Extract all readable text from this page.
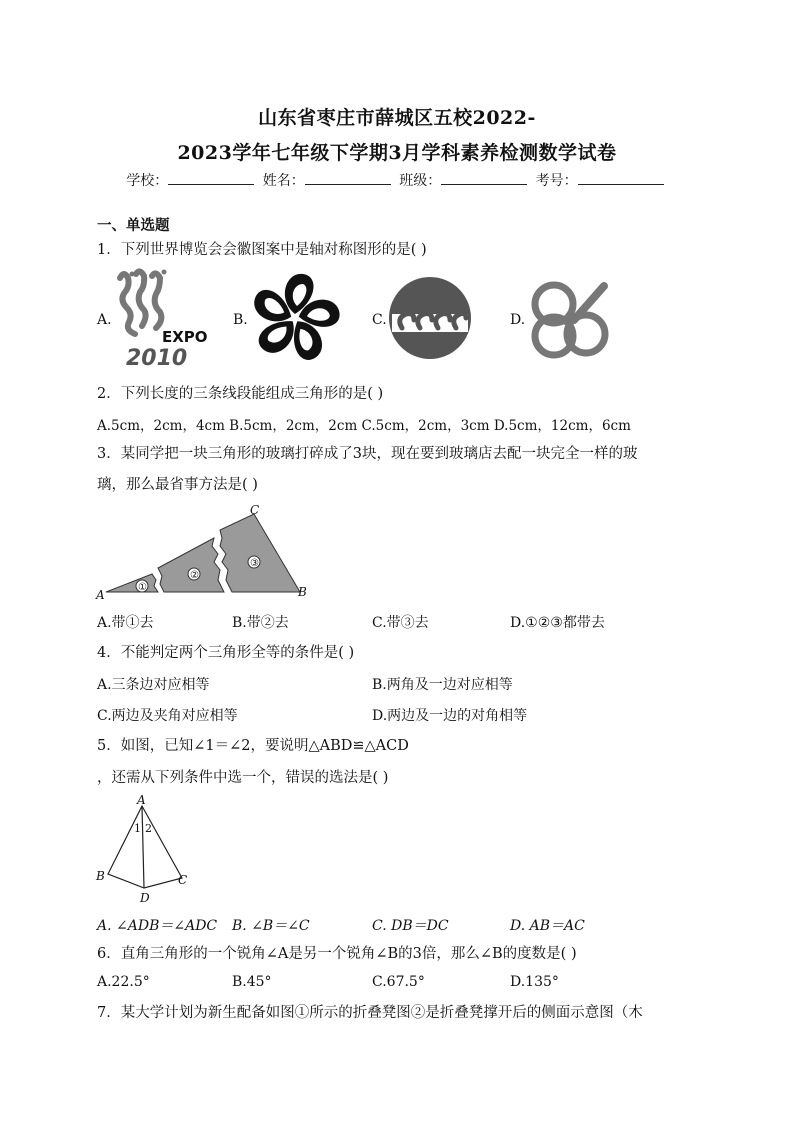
山东省枣庄市薛城区五校2022-
2023学年七年级下学期3月学科素养检测数学试卷
学校：	姓名：	班级：	考号：
一、单选题
1．下列世界博览会会徽图案中是轴对称图形的是( )
A.
EXPO
2010
B.	C.	D.
2．下列长度的三条线段能组成三角形的是( )
A.5cm，2cm，4cm B.5cm，2cm，2cm C.5cm，2cm，3cm D.5cm，12cm，6cm
3．某同学把一块三角形的玻璃打碎成了3块，现在要到玻璃店去配一块完全一样的玻
璃，那么最省事方法是( )
①
②
③
A	B
C
A.带①去	B.带②去	C.带③去	D.①②③都带去
4．不能判定两个三角形全等的条件是( )
A.三条边对应相等	B.两角及一边对应相等
C.两边及夹角对应相等	D.两边及一边的对角相等
5．如图，已知∠1＝∠2，要说明△ABD≌△ACD
，还需从下列条件中选一个，错误的选法是( )
A
B	C
D
1 2
A. ∠ADB＝∠ADC B. ∠B＝∠C	C. DB＝DC	D. AB＝AC
6．直角三角形的一个锐角∠A是另一个锐角∠B的3倍，那么∠B的度数是( )
A.22.5°	B.45°	C.67.5°	D.135°
7．某大学计划为新生配备如图①所示的折叠凳图②是折叠凳撑开后的侧面示意图（木
